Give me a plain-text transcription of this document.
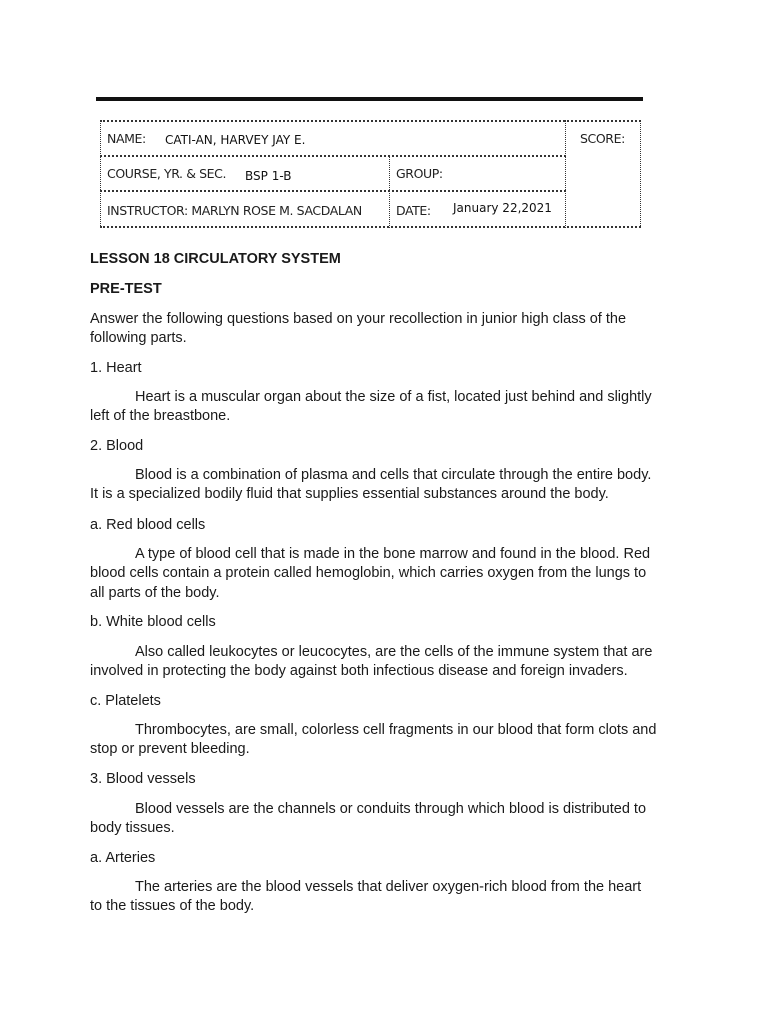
NAME: CATI-AN, HARVEY JAY E.	SCORE:
COURSE, YR. & SEC. BSP 1-B	GROUP:
INSTRUCTOR: MARLYN ROSE M. SACDALAN	DATE: January 22,2021

LESSON 18 CIRCULATORY SYSTEM

PRE-TEST

Answer the following questions based on your recollection in junior high class of the
following parts.

1. Heart

Heart is a muscular organ about the size of a fist, located just behind and slightly
left of the breastbone.

2. Blood

Blood is a combination of plasma and cells that circulate through the entire body.
It is a specialized bodily fluid that supplies essential substances around the body.

a. Red blood cells

A type of blood cell that is made in the bone marrow and found in the blood. Red
blood cells contain a protein called hemoglobin, which carries oxygen from the lungs to
all parts of the body.

b. White blood cells

Also called leukocytes or leucocytes, are the cells of the immune system that are
involved in protecting the body against both infectious disease and foreign invaders.

c. Platelets

Thrombocytes, are small, colorless cell fragments in our blood that form clots and
stop or prevent bleeding.

3. Blood vessels

Blood vessels are the channels or conduits through which blood is distributed to
body tissues.

a. Arteries

The arteries are the blood vessels that deliver oxygen-rich blood from the heart
to the tissues of the body.
